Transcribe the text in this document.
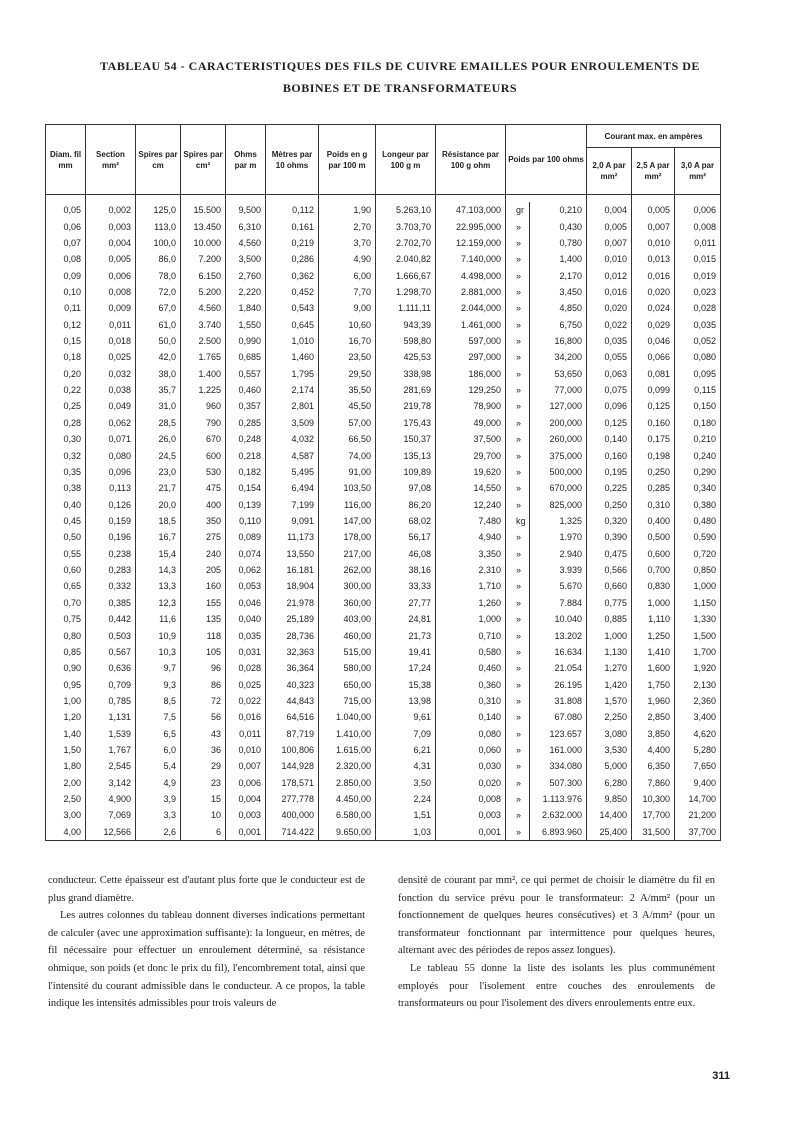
TABLEAU 54 - CARACTERISTIQUES DES FILS DE CUIVRE EMAILLES POUR ENROULEMENTS DE
BOBINES ET DE TRANSFORMATEURS
Diam. fil mm	Section mm²	Spires par cm	Spires par cm²	Ohms par m	Mètres par 10 ohms	Poids en g par 100 m	Longeur par 100 g m	Résistance par 100 g ohm	Poids par 100 ohms		Courant max. en ampères		
											2,0 A par mm²	2,5 A par mm²	3,0 A par mm²

0,05	0,002	125,0	15.500	9,500	0,112	1,90	5.263,10	47.103,000	gr	0,210	0,004	0,005	0,006
0,06	0,003	113,0	13.450	6,310	0,161	2,70	3.703,70	22.995,000	»	0,430	0,005	0,007	0,008
0,07	0,004	100,0	10.000	4,560	0,219	3,70	2.702,70	12.159,000	»	0,780	0,007	0,010	0,011
0,08	0,005	86,0	7.200	3,500	0,286	4,90	2.040,82	7.140,000	»	1,400	0,010	0,013	0,015
0,09	0,006	78,0	6.150	2,760	0,362	6,00	1.666,67	4.498,000	»	2,170	0,012	0,016	0,019
0,10	0,008	72,0	5.200	2,220	0,452	7,70	1.298,70	2.881,000	»	3,450	0,016	0,020	0,023
0,11	0,009	67,0	4.560	1,840	0,543	9,00	1.111,11	2.044,000	»	4,850	0,020	0,024	0,028
0,12	0,011	61,0	3.740	1,550	0,645	10,60	943,39	1.461,000	»	6,750	0,022	0,029	0,035
0,15	0,018	50,0	2.500	0,990	1,010	16,70	598,80	597,000	»	16,800	0,035	0,046	0,052
0,18	0,025	42,0	1.765	0,685	1,460	23,50	425,53	297,000	»	34,200	0,055	0,066	0,080
0,20	0,032	38,0	1.400	0,557	1,795	29,50	338,98	186,000	»	53,650	0,063	0,081	0,095
0,22	0,038	35,7	1.225	0,460	2,174	35,50	281,69	129,250	»	77,000	0,075	0,099	0,115
0,25	0,049	31,0	960	0,357	2,801	45,50	219,78	78,900	»	127,000	0,096	0,125	0,150
0,28	0,062	28,5	790	0,285	3,509	57,00	175,43	49,000	»	200,000	0,125	0,160	0,180
0,30	0,071	26,0	670	0,248	4,032	66,50	150,37	37,500	»	260,000	0,140	0,175	0,210
0,32	0,080	24,5	600	0,218	4,587	74,00	135,13	29,700	»	375,000	0,160	0,198	0,240
0,35	0,096	23,0	530	0,182	5,495	91,00	109,89	19,620	»	500,000	0,195	0,250	0,290
0,38	0,113	21,7	475	0,154	6,494	103,50	97,08	14,550	»	670,000	0,225	0,285	0,340
0,40	0,126	20,0	400	0,139	7,199	116,00	86,20	12,240	»	825,000	0,250	0,310	0,380
0,45	0,159	18,5	350	0,110	9,091	147,00	68,02	7,480	kg	1,325	0,320	0,400	0,480
0,50	0,196	16,7	275	0,089	11,173	178,00	56,17	4,940	»	1.970	0,390	0,500	0,590
0,55	0,238	15,4	240	0,074	13,550	217,00	46,08	3,350	»	2.940	0,475	0,600	0,720
0,60	0,283	14,3	205	0,062	16.181	262,00	38,16	2,310	»	3.939	0,566	0,700	0,850
0,65	0,332	13,3	160	0,053	18,904	300,00	33,33	1,710	»	5.670	0,660	0,830	1,000
0,70	0,385	12,3	155	0,046	21,978	360,00	27,77	1,260	»	7.884	0,775	1,000	1,150
0,75	0,442	11,6	135	0,040	25,189	403,00	24,81	1,000	»	10.040	0,885	1,110	1,330
0,80	0,503	10,9	118	0,035	28,736	460,00	21,73	0,710	»	13.202	1,000	1,250	1,500
0,85	0,567	10,3	105	0,031	32,363	515,00	19,41	0,580	»	16.634	1,130	1,410	1,700
0,90	0,636	9,7	96	0,028	36,364	580,00	17,24	0,460	»	21.054	1,270	1,600	1,920
0,95	0,709	9,3	86	0,025	40,323	650,00	15,38	0,360	»	26.195	1,420	1,750	2,130
1,00	0,785	8,5	72	0,022	44,843	715,00	13,98	0,310	»	31.808	1,570	1,960	2,360
1,20	1,131	7,5	56	0,016	64,516	1.040,00	9,61	0,140	»	67.080	2,250	2,850	3,400
1,40	1,539	6,5	43	0,011	87,719	1.410,00	7,09	0,080	»	123.657	3,080	3,850	4,620
1,50	1,767	6,0	36	0,010	100,806	1.615,00	6,21	0,060	»	161.000	3,530	4,400	5,280
1,80	2,545	5,4	29	0,007	144,928	2.320,00	4,31	0,030	»	334.080	5,000	6,350	7,650
2,00	3,142	4,9	23	0,006	178,571	2.850,00	3,50	0,020	»	507.300	6,280	7,860	9,400
2,50	4,900	3,9	15	0,004	277,778	4.450,00	2,24	0,008	»	1.113.976	9,850	10,300	14,700
3,00	7,069	3,3	10	0,003	400,000	6.580,00	1,51	0,003	»	2.632.000	14,400	17,700	21,200
4,00	12,566	2,6	6	0,001	714.422	9.650,00	1,03	0,001	»	6.893.960	25,400	31,500	37,700

conducteur. Cette épaisseur est d'autant plus forte que le conducteur est de plus grand diamètre.

Les autres colonnes du tableau donnent diverses indications permettant de calculer (avec une approximation suffisante): la longueur, en mètres, de fil nécessaire pour effectuer un enroulement déterminé, sa résistance ohmique, son poids (et donc le prix du fil), l'encombrement total, ainsi que l'intensité du courant admissible dans le conducteur. A ce propos, la table indique les intensités admissibles pour trois valeurs de

densité de courant par mm², ce qui permet de choisir le diamètre du fil en fonction du service prévu pour le transformateur: 2 A/mm² (pour un fonctionnement de quelques heures consécutives) et 3 A/mm² (pour un transformateur fonctionnant par intermittence pour quelques heures, alternant avec des périodes de repos assez longues).

Le tableau 55 donne la liste des isolants les plus communément employés pour l'isolement entre couches des enroulements de transformateurs ou pour l'isolement des divers enroulements entre eux.

311
